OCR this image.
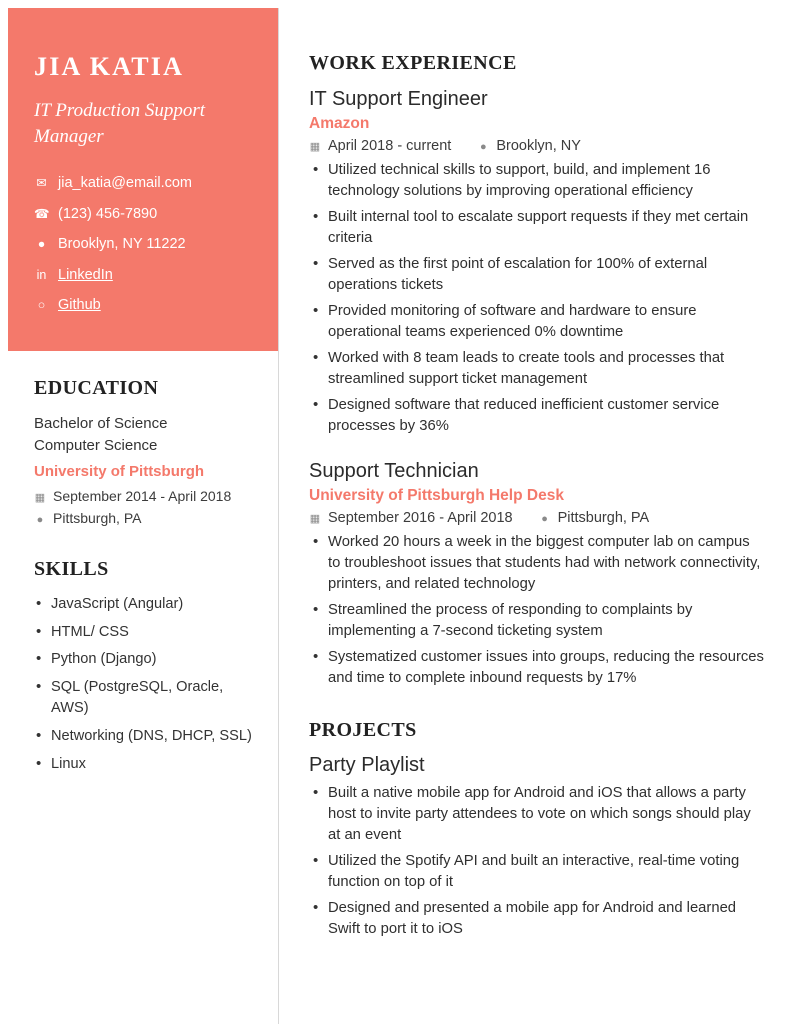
JIA KATIA
IT Production Support Manager
✉ jia_katia@email.com
☎ (123) 456-7890
● Brooklyn, NY 11222
in LinkedIn
○ Github
EDUCATION
Bachelor of Science
Computer Science
University of Pittsburgh
▦ September 2014 - April 2018
● Pittsburgh, PA
SKILLS
• JavaScript (Angular)
• HTML/ CSS
• Python (Django)
• SQL (PostgreSQL, Oracle, AWS)
• Networking (DNS, DHCP, SSL)
• Linux
WORK EXPERIENCE
IT Support Engineer
Amazon
▦ April 2018 - current	● Brooklyn, NY
• Utilized technical skills to support, build, and implement 16 technology solutions by improving operational efficiency
• Built internal tool to escalate support requests if they met certain criteria
• Served as the first point of escalation for 100% of external operations tickets
• Provided monitoring of software and hardware to ensure operational teams experienced 0% downtime
• Worked with 8 team leads to create tools and processes that streamlined support ticket management
• Designed software that reduced inefficient customer service processes by 36%
Support Technician
University of Pittsburgh Help Desk
▦ September 2016 - April 2018	● Pittsburgh, PA
• Worked 20 hours a week in the biggest computer lab on campus to troubleshoot issues that students had with network connectivity, printers, and related technology
• Streamlined the process of responding to complaints by implementing a 7-second ticketing system
• Systematized customer issues into groups, reducing the resources and time to complete inbound requests by 17%
PROJECTS
Party Playlist
• Built a native mobile app for Android and iOS that allows a party host to invite party attendees to vote on which songs should play at an event
• Utilized the Spotify API and built an interactive, real-time voting function on top of it
• Designed and presented a mobile app for Android and learned Swift to port it to iOS
